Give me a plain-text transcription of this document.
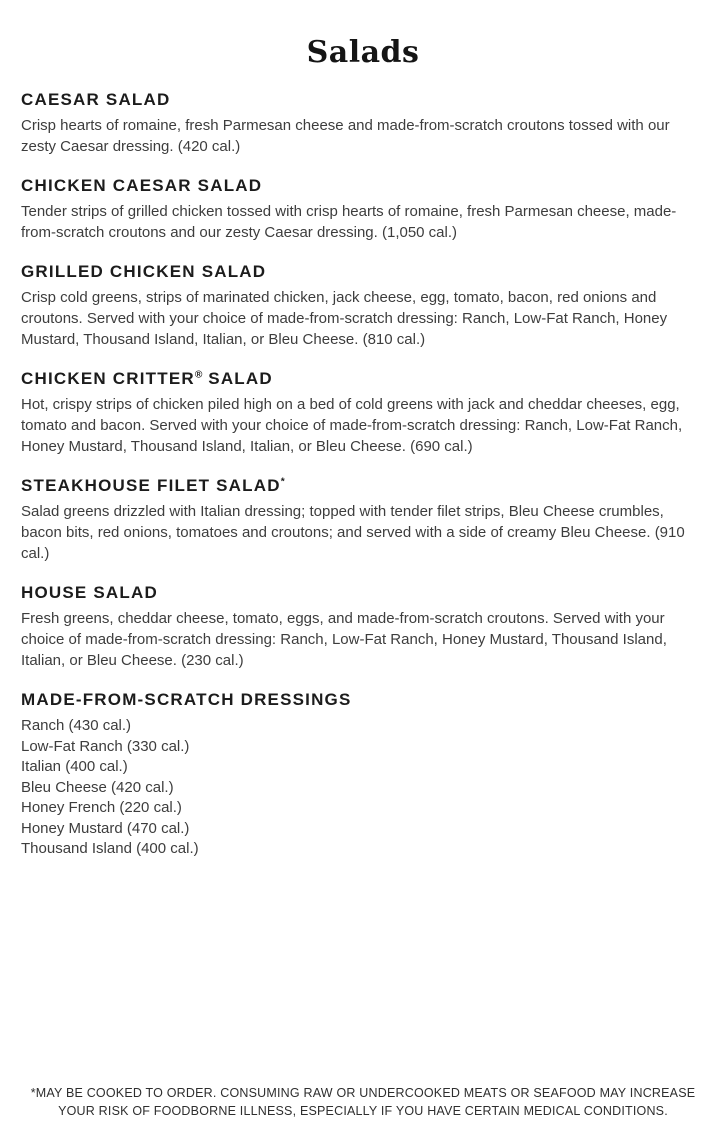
Salads
CAESAR SALAD

Crisp hearts of romaine, fresh Parmesan cheese and made-from-scratch croutons tossed with our zesty Caesar dressing. (420 cal.)

CHICKEN CAESAR SALAD

Tender strips of grilled chicken tossed with crisp hearts of romaine, fresh Parmesan cheese, made-from-scratch croutons and our zesty Caesar dressing. (1,050 cal.)

GRILLED CHICKEN SALAD

Crisp cold greens, strips of marinated chicken, jack cheese, egg, tomato, bacon, red onions and croutons. Served with your choice of made-from-scratch dressing: Ranch, Low-Fat Ranch, Honey Mustard, Thousand Island, Italian, or Bleu Cheese. (810 cal.)

CHICKEN CRITTER® SALAD

Hot, crispy strips of chicken piled high on a bed of cold greens with jack and cheddar cheeses, egg, tomato and bacon. Served with your choice of made-from-scratch dressing: Ranch, Low-Fat Ranch, Honey Mustard, Thousand Island, Italian, or Bleu Cheese. (690 cal.)

STEAKHOUSE FILET SALAD*

Salad greens drizzled with Italian dressing; topped with tender filet strips, Bleu Cheese crumbles, bacon bits, red onions, tomatoes and croutons; and served with a side of creamy Bleu Cheese. (910 cal.)

HOUSE SALAD

Fresh greens, cheddar cheese, tomato, eggs, and made-from-scratch croutons. Served with your choice of made-from-scratch dressing: Ranch, Low-Fat Ranch, Honey Mustard, Thousand Island, Italian, or Bleu Cheese. (230 cal.)

MADE-FROM-SCRATCH DRESSINGS
Ranch (430 cal.)
Low-Fat Ranch (330 cal.)
Italian (400 cal.)
Bleu Cheese (420 cal.)
Honey French (220 cal.)
Honey Mustard (470 cal.)
Thousand Island (400 cal.)

*MAY BE COOKED TO ORDER. CONSUMING RAW OR UNDERCOOKED MEATS OR SEAFOOD MAY INCREASE YOUR RISK OF FOODBORNE ILLNESS, ESPECIALLY IF YOU HAVE CERTAIN MEDICAL CONDITIONS.
